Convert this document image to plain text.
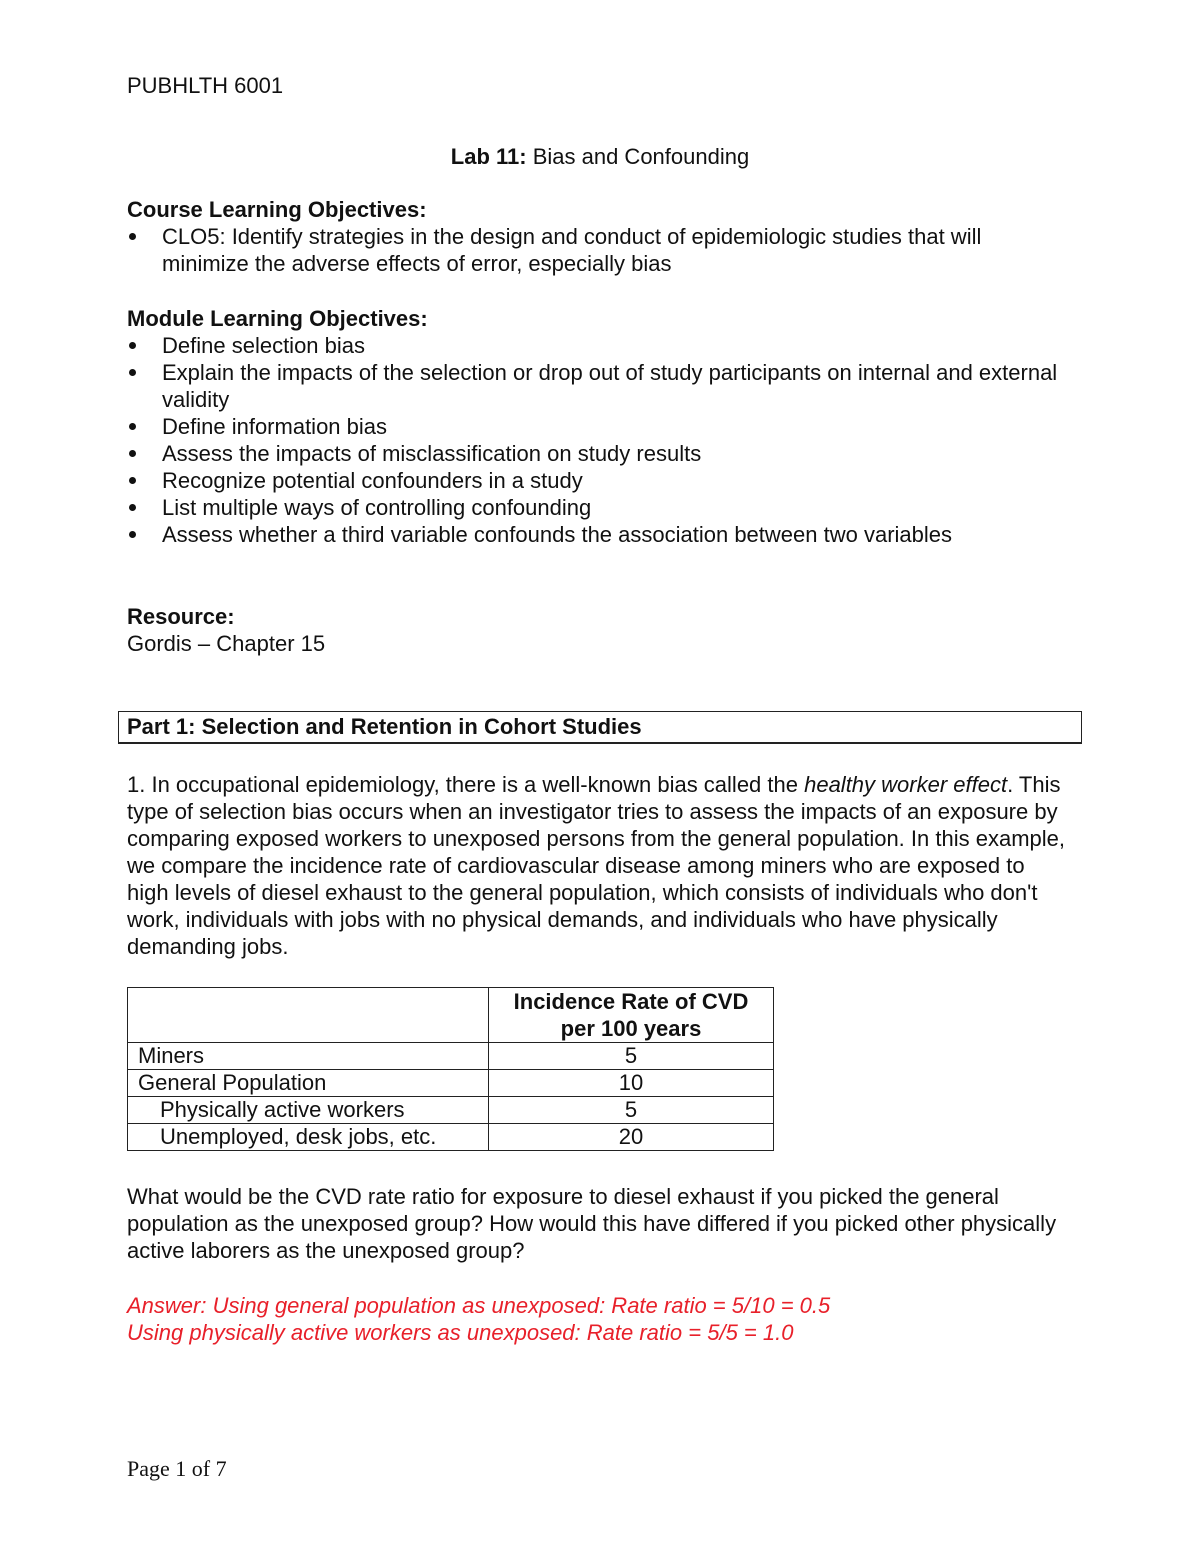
PUBHLTH 6001
Lab 11: Bias and Confounding
Course Learning Objectives:
CLO5: Identify strategies in the design and conduct of epidemiologic studies that will minimize the adverse effects of error, especially bias
Module Learning Objectives:
Define selection bias
Explain the impacts of the selection or drop out of study participants on internal and external validity
Define information bias
Assess the impacts of misclassification on study results
Recognize potential confounders in a study
List multiple ways of controlling confounding
Assess whether a third variable confounds the association between two variables
Resource:
Gordis – Chapter 15
Part 1: Selection and Retention in Cohort Studies
1. In occupational epidemiology, there is a well-known bias called the healthy worker effect. This type of selection bias occurs when an investigator tries to assess the impacts of an exposure by comparing exposed workers to unexposed persons from the general population. In this example, we compare the incidence rate of cardiovascular disease among miners who are exposed to high levels of diesel exhaust to the general population, which consists of individuals who don't work, individuals with jobs with no physical demands, and individuals who have physically demanding jobs.
	Incidence Rate of CVD per 100 years
Miners	5
General Population	10
Physically active workers	5
Unemployed, desk jobs, etc.	20
What would be the CVD rate ratio for exposure to diesel exhaust if you picked the general population as the unexposed group? How would this have differed if you picked other physically active laborers as the unexposed group?
Answer: Using general population as unexposed: Rate ratio = 5/10 = 0.5
Using physically active workers as unexposed: Rate ratio = 5/5 = 1.0
Page 1 of 7
